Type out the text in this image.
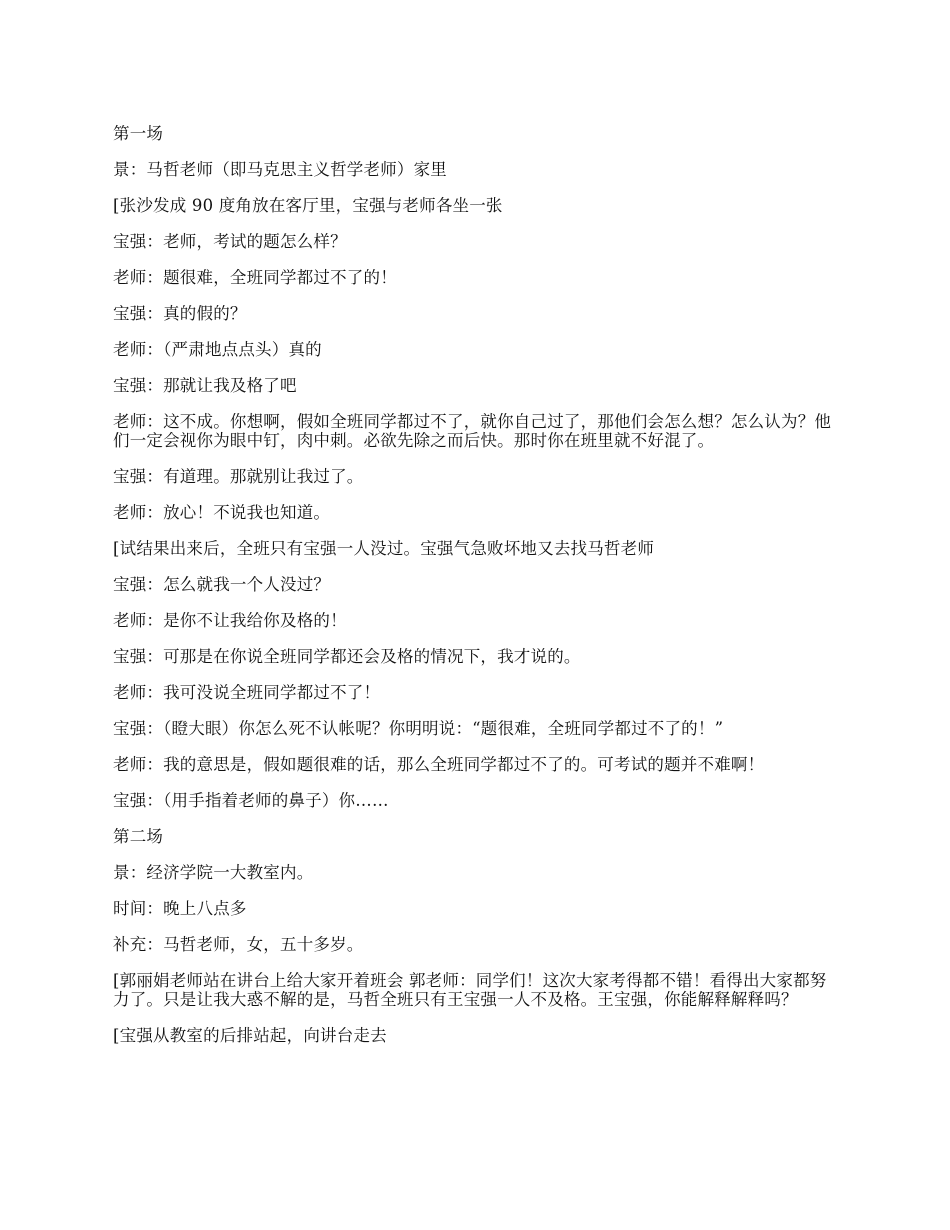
第一场

景：马哲老师（即马克思主义哲学老师）家里

[张沙发成 90 度角放在客厅里，宝强与老师各坐一张

宝强：老师，考试的题怎么样？

老师：题很难，全班同学都过不了的！

宝强：真的假的？

老师：（严肃地点点头）真的

宝强：那就让我及格了吧

老师：这不成。你想啊，假如全班同学都过不了，就你自己过了，那他们会怎么想？怎么认为？他们一定会视你为眼中钉，肉中刺。必欲先除之而后快。那时你在班里就不好混了。

宝强：有道理。那就别让我过了。

老师：放心！不说我也知道。

[试结果出来后，全班只有宝强一人没过。宝强气急败坏地又去找马哲老师

宝强：怎么就我一个人没过？

老师：是你不让我给你及格的！

宝强：可那是在你说全班同学都还会及格的情况下，我才说的。

老师：我可没说全班同学都过不了！

宝强：（瞪大眼）你怎么死不认帐呢？你明明说：“题很难，全班同学都过不了的！”

老师：我的意思是，假如题很难的话，那么全班同学都过不了的。可考试的题并不难啊！

宝强：（用手指着老师的鼻子）你……

第二场

景：经济学院一大教室内。

时间：晚上八点多

补充：马哲老师，女，五十多岁。

[郭丽娟老师站在讲台上给大家开着班会 郭老师：同学们！这次大家考得都不错！看得出大家都努力了。只是让我大惑不解的是，马哲全班只有王宝强一人不及格。王宝强，你能解释解释吗？

[宝强从教室的后排站起，向讲台走去
